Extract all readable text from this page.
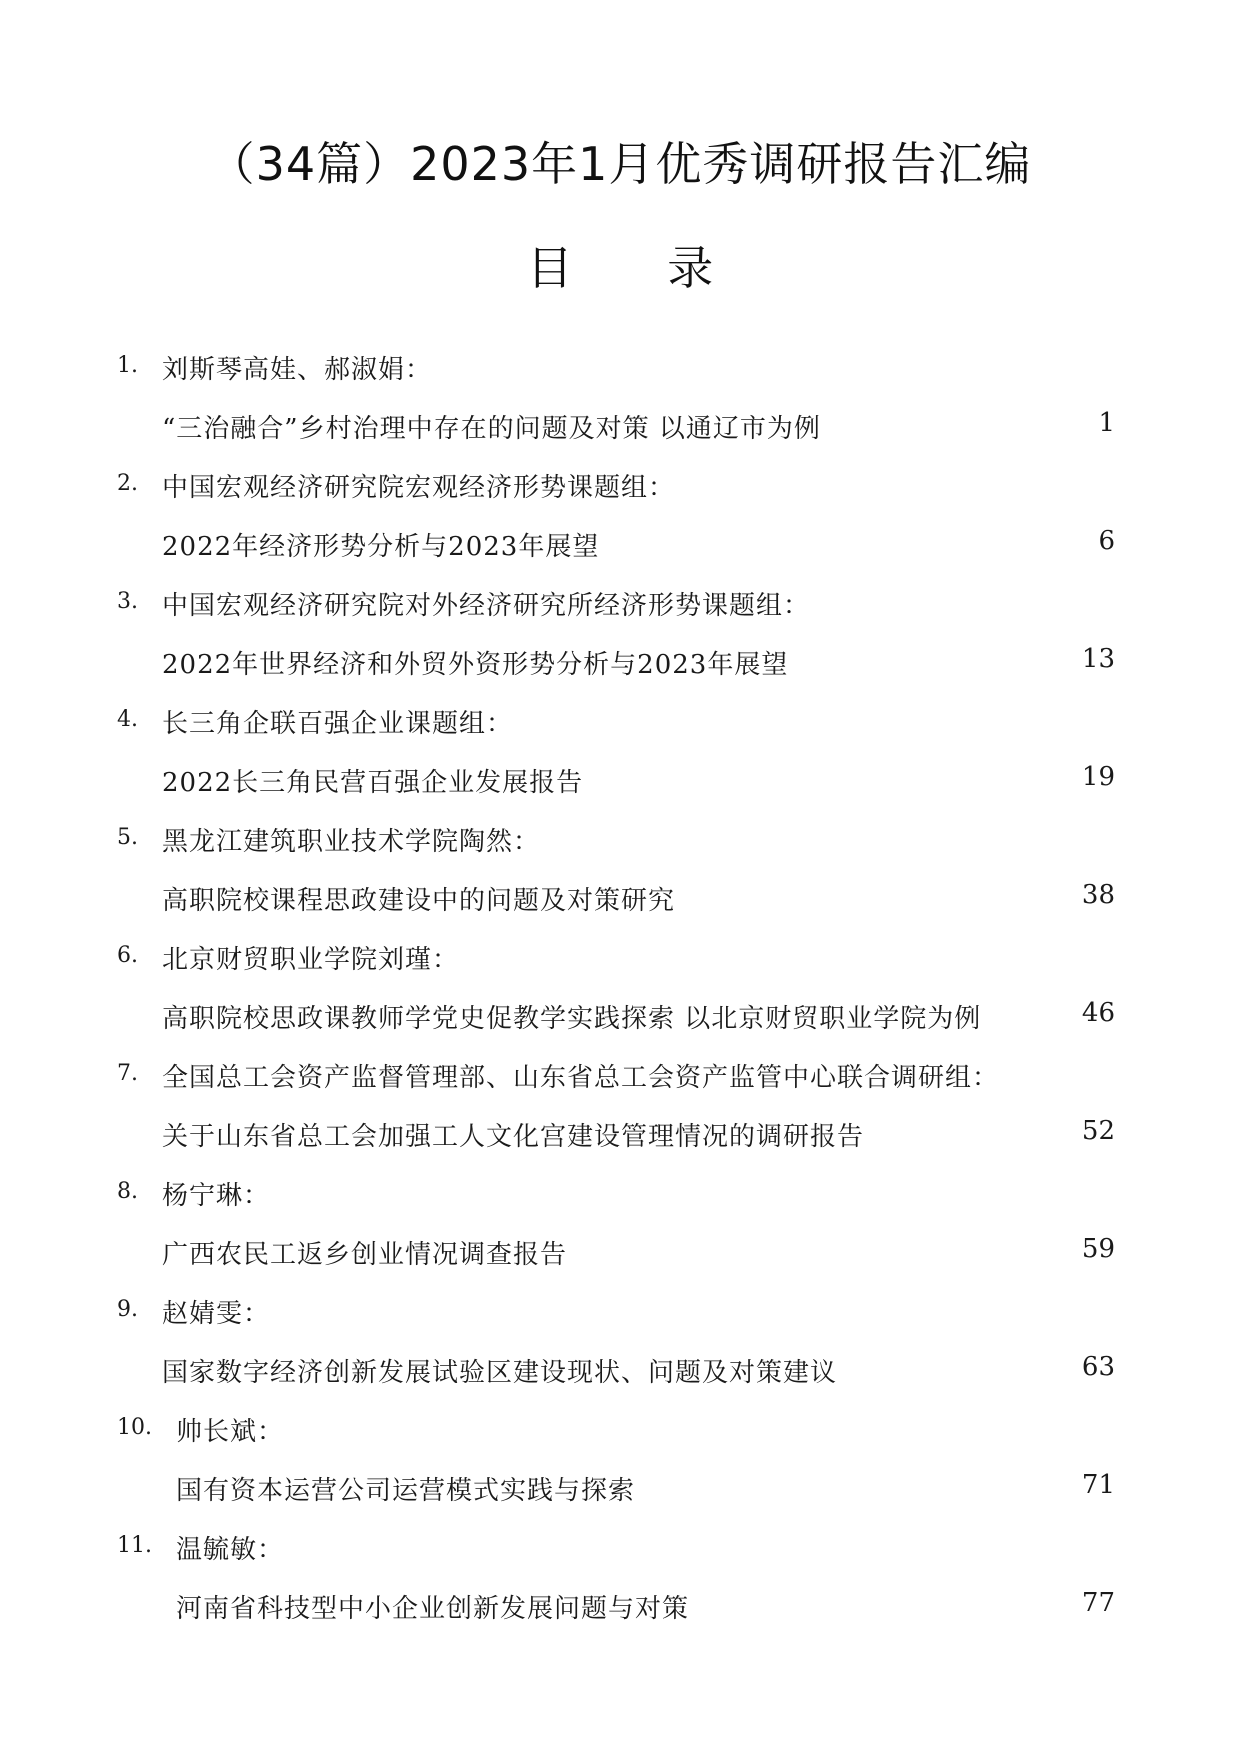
（34篇）2023年1月优秀调研报告汇编
目 录
1. 刘斯琴高娃、郝淑娟：
“三治融合”乡村治理中存在的问题及对策 以通辽市为例	1
2. 中国宏观经济研究院宏观经济形势课题组：
2022年经济形势分析与2023年展望	6
3. 中国宏观经济研究院对外经济研究所经济形势课题组：
2022年世界经济和外贸外资形势分析与2023年展望	13
4. 长三角企联百强企业课题组：
2022长三角民营百强企业发展报告	19
5. 黑龙江建筑职业技术学院陶然：
高职院校课程思政建设中的问题及对策研究	38
6. 北京财贸职业学院刘瑾：
高职院校思政课教师学党史促教学实践探索 以北京财贸职业学院为例	46
7. 全国总工会资产监督管理部、山东省总工会资产监管中心联合调研组：
关于山东省总工会加强工人文化宫建设管理情况的调研报告	52
8. 杨宁琳：
广西农民工返乡创业情况调查报告	59
9. 赵婧雯：
国家数字经济创新发展试验区建设现状、问题及对策建议	63
10. 帅长斌：
国有资本运营公司运营模式实践与探索	71
11. 温毓敏：
河南省科技型中小企业创新发展问题与对策	77
